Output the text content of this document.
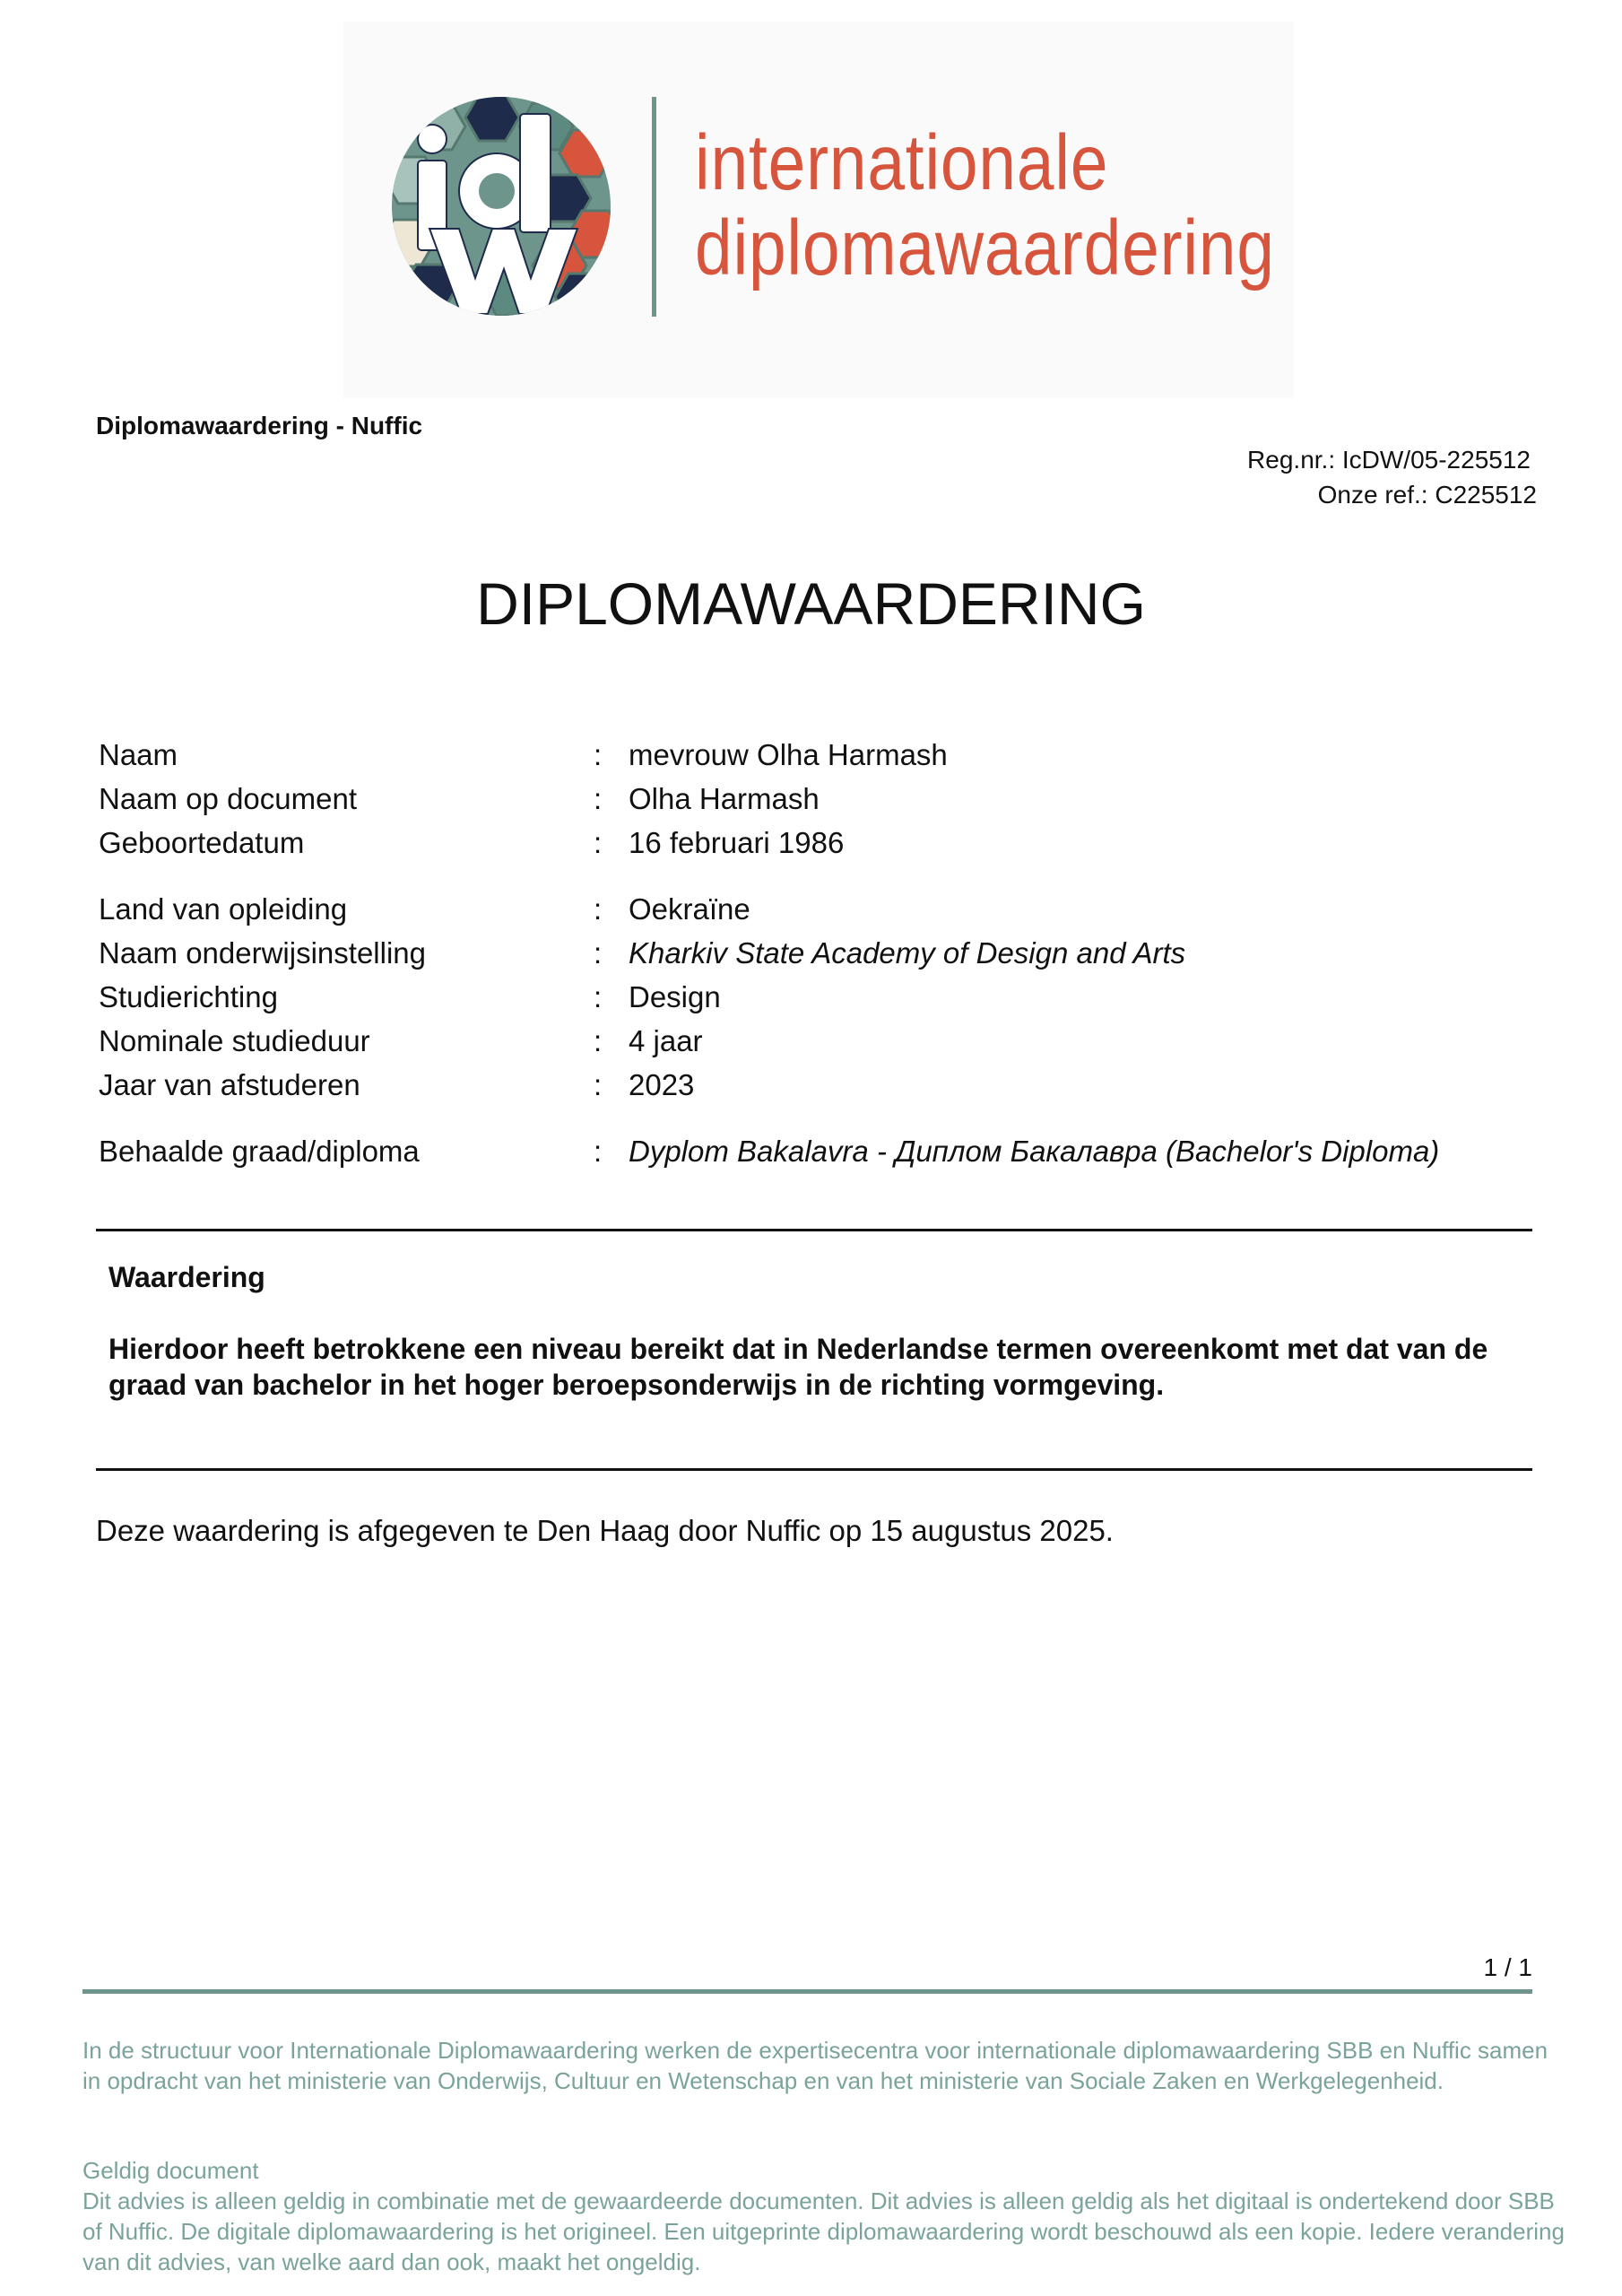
internationale
diplomawaardering
Diplomawaardering - Nuffic
Reg.nr.: IcDW/05-225512
Onze ref.: C225512
DIPLOMAWAARDERING
Naam	: mevrouw Olha Harmash
Naam op document	: Olha Harmash
Geboortedatum	: 16 februari 1986
Land van opleiding	: Oekraïne
Naam onderwijsinstelling	: Kharkiv State Academy of Design and Arts
Studierichting	: Design
Nominale studieduur	: 4 jaar
Jaar van afstuderen	: 2023
Behaalde graad/diploma	: Dyplom Bakalavra - Диплом Бакалавра (Bachelor's Diploma)
Waardering
Hierdoor heeft betrokkene een niveau bereikt dat in Nederlandse termen overeenkomt met dat van de graad van bachelor in het hoger beroepsonderwijs in de richting vormgeving.
Deze waardering is afgegeven te Den Haag door Nuffic op 15 augustus 2025.
1 / 1
In de structuur voor Internationale Diplomawaardering werken de expertisecentra voor internationale diplomawaardering SBB en Nuffic samen in opdracht van het ministerie van Onderwijs, Cultuur en Wetenschap en van het ministerie van Sociale Zaken en Werkgelegenheid.
Geldig document
Dit advies is alleen geldig in combinatie met de gewaardeerde documenten. Dit advies is alleen geldig als het digitaal is ondertekend door SBB of Nuffic. De digitale diplomawaardering is het origineel. Een uitgeprinte diplomawaardering wordt beschouwd als een kopie. Iedere verandering van dit advies, van welke aard dan ook, maakt het ongeldig.
